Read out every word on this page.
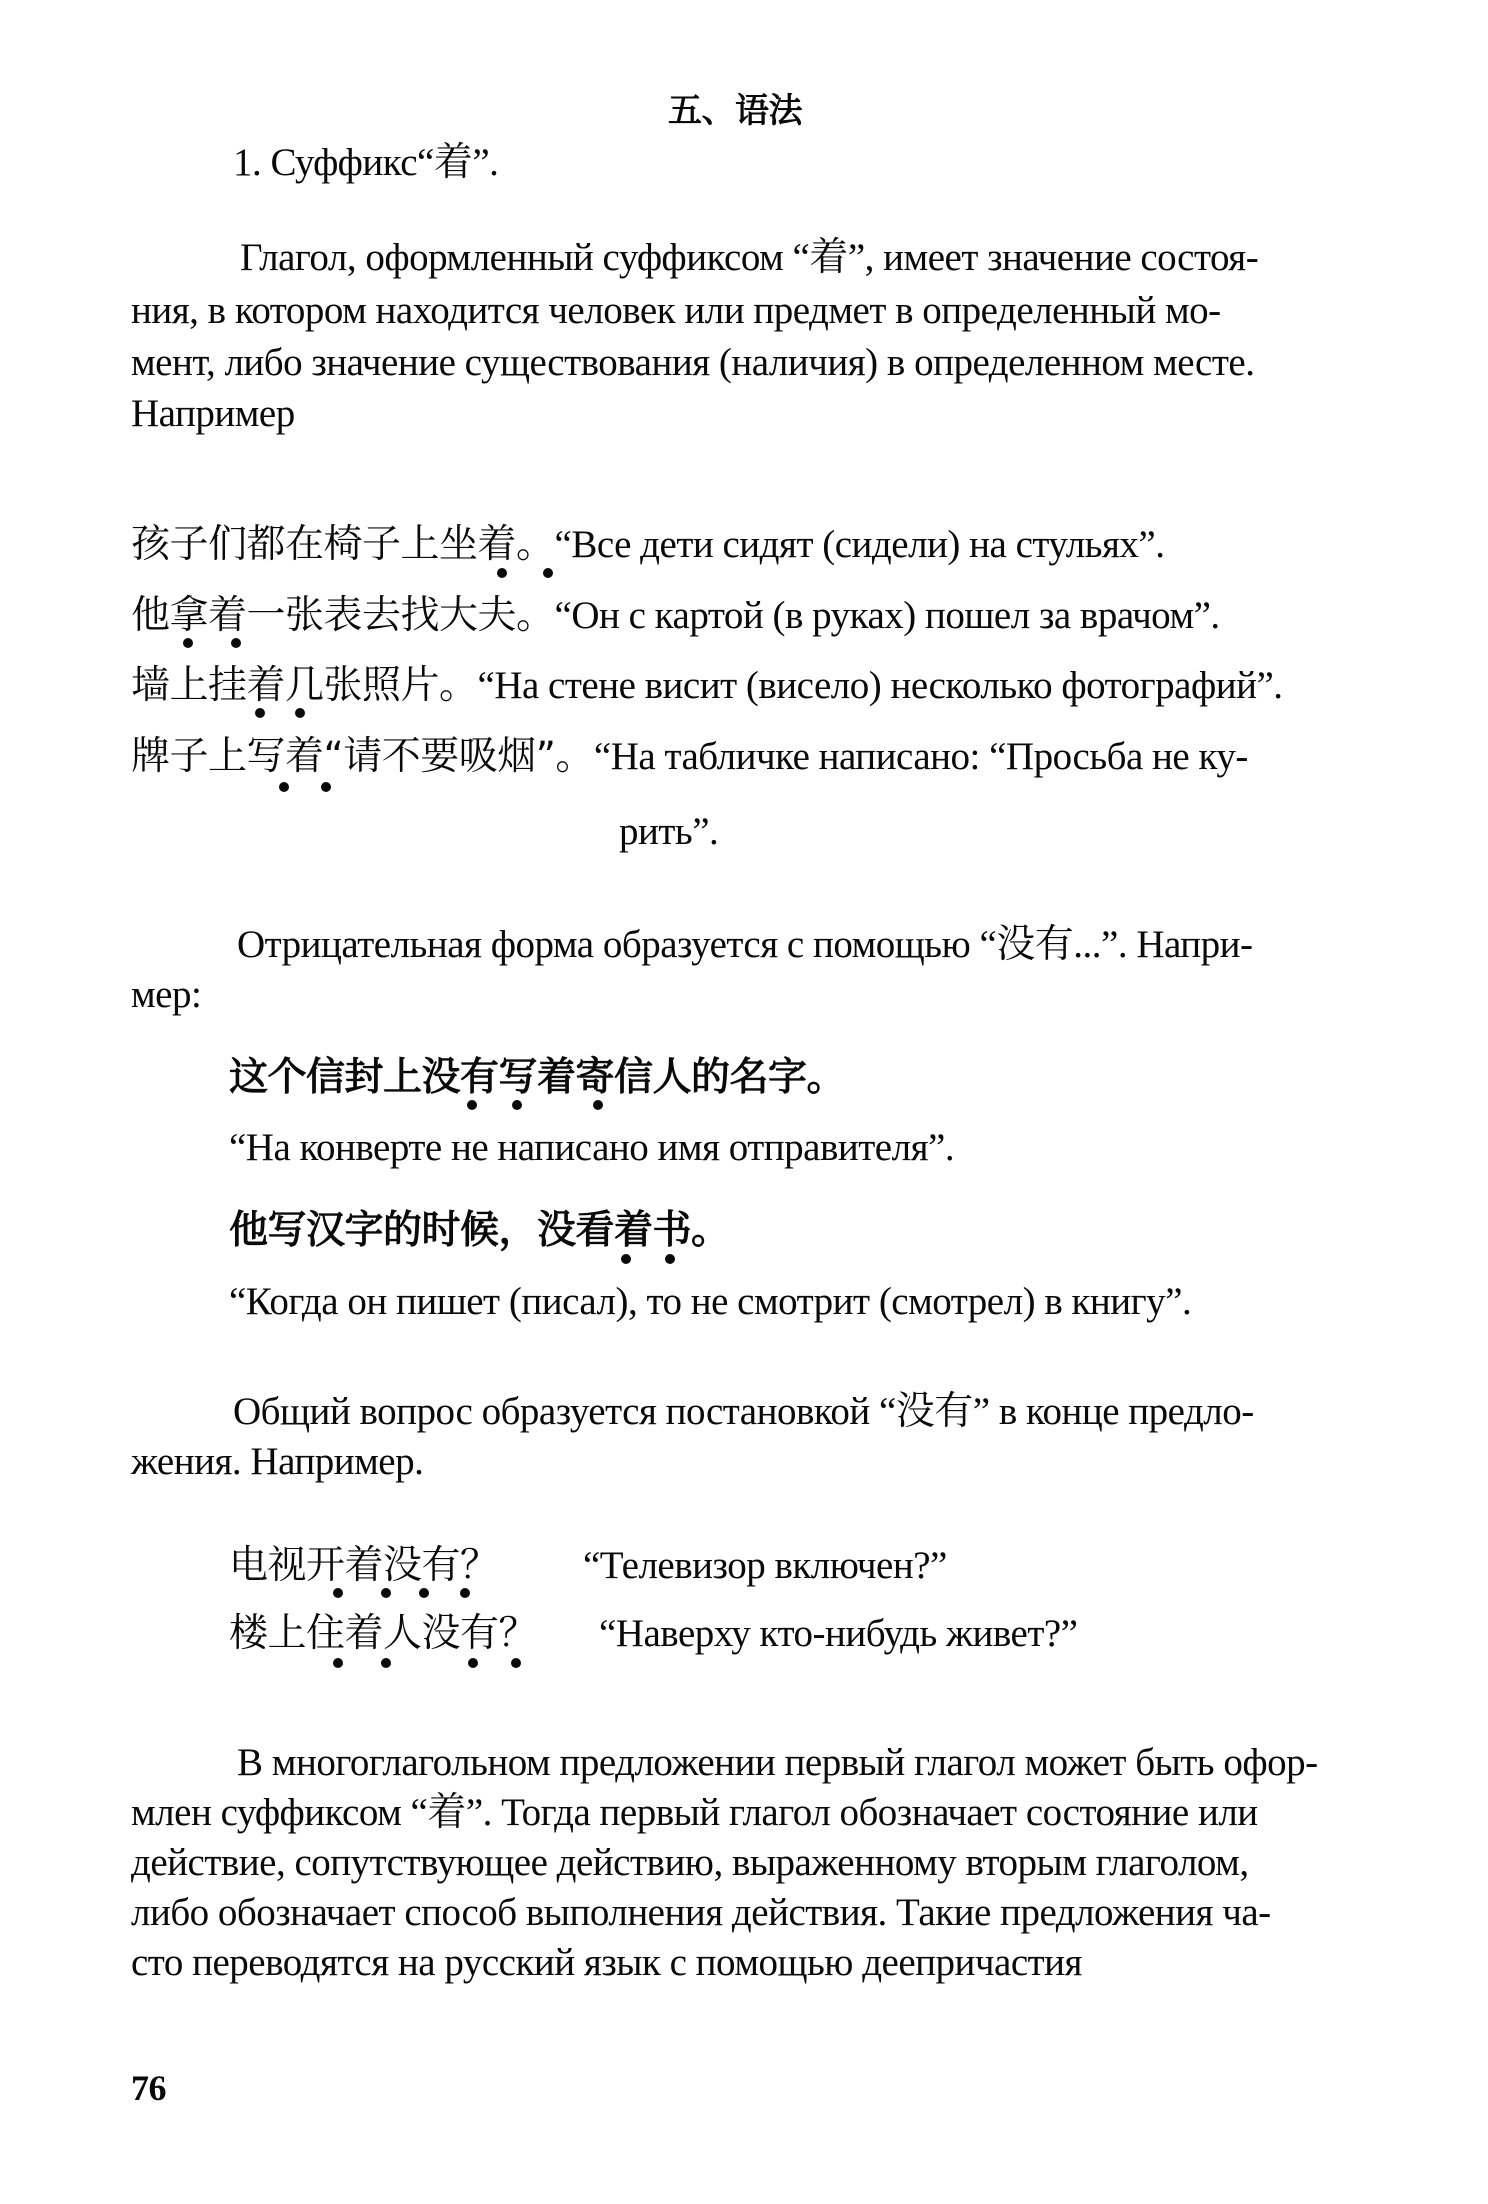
五、语法
1. Суффикс“着”.
Глагол, оформленный суффиксом “着”, имеет значение состоя-
ния, в котором находится человек или предмет в определенный мо-
мент, либо значение существования (наличия) в определенном месте.
Например
孩子们都在椅子上坐着。“Все дети сидят (сидели) на стульях”.
他拿着一张表去找大夫。“Он с картой (в руках) пошел за врачом”.
墙上挂着几张照片。“На стене висит (висело) несколько фотографий”.
牌子上写着“请不要吸烟”。“На табличке написано: “Просьба не ку-
рить”.
Отрицательная форма образуется с помощью “没有...”. Напри-
мер:
这个信封上没有写着寄信人的名字。
“На конверте не написано имя отправителя”.
他写汉字的时候，没看着书。
“Когда он пишет (писал), то не смотрит (смотрел) в книгу”.
Общий вопрос образуется постановкой “没有” в конце предло-
жения. Например.
电视开着没有？ “Телевизор включен?”
楼上住着人没有？ “Наверху кто-нибудь живет?”
В многоглагольном предложении первый глагол может быть офор-
млен суффиксом “着”. Тогда первый глагол обозначает состояние или
действие, сопутствующее действию, выраженному вторым глаголом,
либо обозначает способ выполнения действия. Такие предложения ча-
сто переводятся на русский язык с помощью деепричастия
76
